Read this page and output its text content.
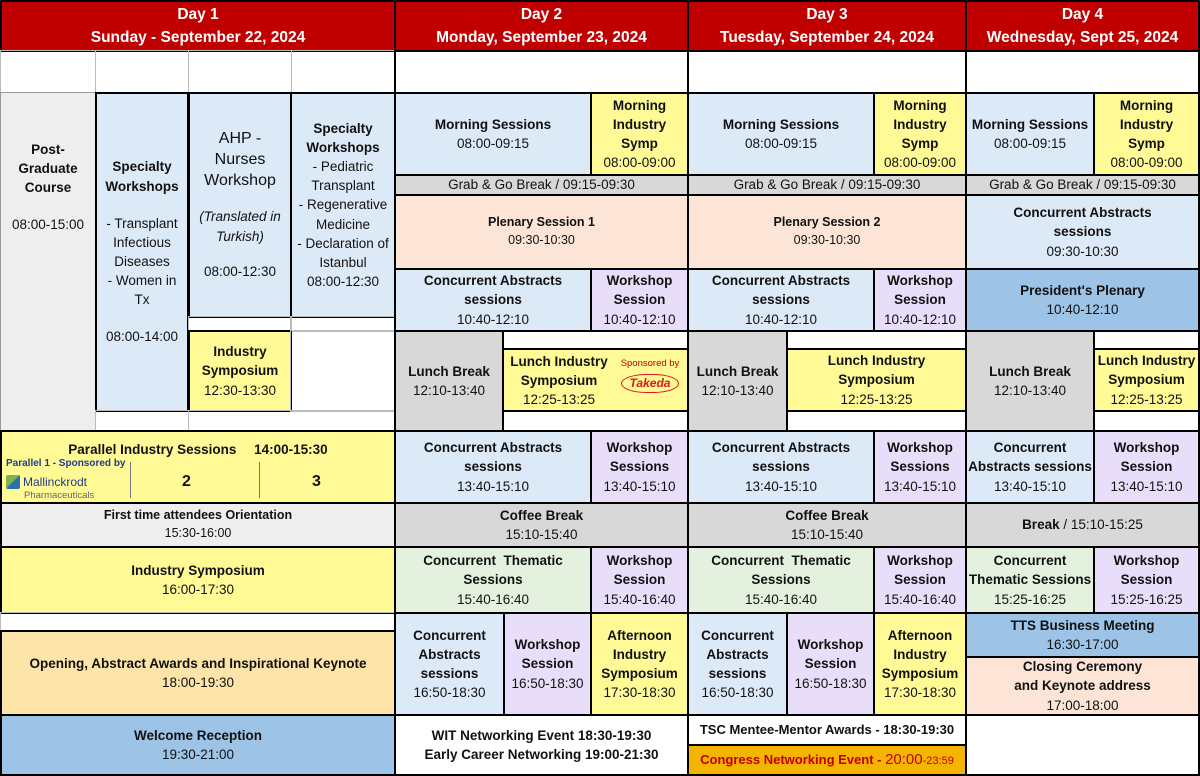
Day 1
Sunday - September 22, 2024
Day 2
Monday, September 23, 2024
Day 3
Tuesday, September 24, 2024
Day 4
Wednesday, Sept 25, 2024
Post-
Graduate
Course
08:00-15:00
Specialty
Workshops
- Transplant
Infectious
Diseases
- Women in
Tx
08:00-14:00
AHP -
Nurses
Workshop
(Translated in
Turkish)
08:00-12:30
Specialty
Workshops
- Pediatric
Transplant
- Regenerative
Medicine
- Declaration of
Istanbul
08:00-12:30
Industry
Symposium
12:30-13:30
Parallel Industry Sessions 14:00-15:30
Parallel 1 - Sponsored by
Mallinckrodt
Pharmaceuticals
2	3
First time attendees Orientation
15:30-16:00
Industry Symposium
16:00-17:30
Opening, Abstract Awards and Inspirational Keynote
18:00-19:30
Welcome Reception
19:30-21:00
Morning Sessions
08:00-09:15
Morning
Industry
Symp
08:00-09:00
Grab & Go Break / 09:15-09:30
Plenary Session 1
09:30-10:30
Concurrent Abstracts
sessions
10:40-12:10
Workshop
Session
10:40-12:10
Lunch Break
12:10-13:40
Lunch Industry
Symposium
12:25-13:25
Sponsored by
Takeda
Concurrent Abstracts
sessions
13:40-15:10
Workshop
Sessions
13:40-15:10
Coffee Break
15:10-15:40
Concurrent  Thematic
Sessions
15:40-16:40
Workshop
Session
15:40-16:40
Concurrent
Abstracts
sessions
16:50-18:30
Workshop
Session
16:50-18:30
Afternoon
Industry
Symposium
17:30-18:30
WIT Networking Event 18:30-19:30
Early Career Networking 19:00-21:30
Morning Sessions
08:00-09:15
Morning
Industry
Symp
08:00-09:00
Grab & Go Break / 09:15-09:30
Plenary Session 2
09:30-10:30
Concurrent Abstracts
sessions
10:40-12:10
Workshop
Session
10:40-12:10
Lunch Break
12:10-13:40
Lunch Industry
Symposium
12:25-13:25
Concurrent Abstracts
sessions
13:40-15:10
Workshop
Sessions
13:40-15:10
Coffee Break
15:10-15:40
Concurrent  Thematic
Sessions
15:40-16:40
Workshop
Session
15:40-16:40
Concurrent
Abstracts
sessions
16:50-18:30
Workshop
Session
16:50-18:30
Afternoon
Industry
Symposium
17:30-18:30
TSC Mentee-Mentor Awards - 18:30-19:30
Congress Networking Event - 20:00-23:59
Morning Sessions
08:00-09:15
Morning
Industry
Symp
08:00-09:00
Grab & Go Break / 09:15-09:30
Concurrent Abstracts
sessions
09:30-10:30
President's Plenary
10:40-12:10
Lunch Break
12:10-13:40
Lunch Industry
Symposium
12:25-13:25
Concurrent
Abstracts sessions
13:40-15:10
Workshop
Session
13:40-15:10
Break / 15:10-15:25
Concurrent
Thematic Sessions
15:25-16:25
Workshop
Session
15:25-16:25
TTS Business Meeting
16:30-17:00
Closing Ceremony
and Keynote address
17:00-18:00
